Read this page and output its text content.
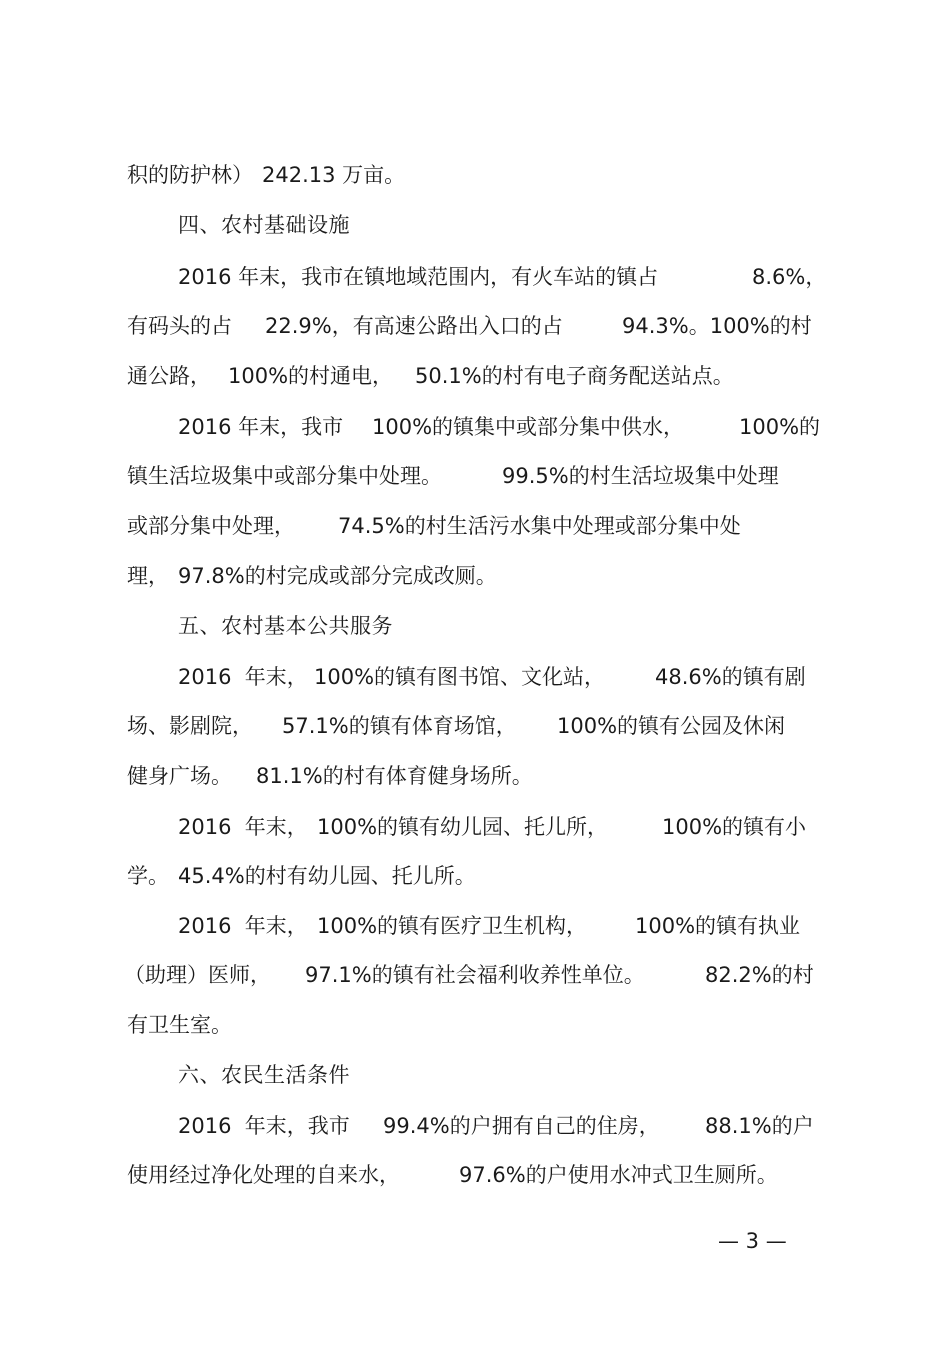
积的防护林）

242.13 万亩。

四、农村基础设施

2016 年末，我市在镇地域范围内，有火车站的镇占

	8.6%，

有码头的占

22.9%，有高速公路出入口的占

	94.3%。100%的村

通公路，

100%的村通电，

50.1%的村有电子商务配送站点。

2016 年末，我市

100%的镇集中或部分集中供水，

	100%的

镇生活垃圾集中或部分集中处理。

	99.5%的村生活垃圾集中处理

或部分集中处理，

74.5%的村生活污水集中处理或部分集中处

理，

97.8%的村完成或部分完成改厕。

五、农村基本公共服务

2016  年末，

100%的镇有图书馆、文化站，

48.6%的镇有剧

场、影剧院，

57.1%的镇有体育场馆，

100%的镇有公园及休闲

健身广场。

81.1%的村有体育健身场所。

2016  年末，

100%的镇有幼儿园、托儿所，

	100%的镇有小

学。

45.4%的村有幼儿园、托儿所。

2016  年末，

100%的镇有医疗卫生机构，

100%的镇有执业

（助理）医师，

97.1%的镇有社会福利收养性单位。

	82.2%的村

有卫生室。

六、农民生活条件

2016  年末，我市

99.4%的户拥有自己的住房，

88.1%的户

使用经过净化处理的自来水，

	97.6%的户使用水冲式卫生厕所。

— 3 —
